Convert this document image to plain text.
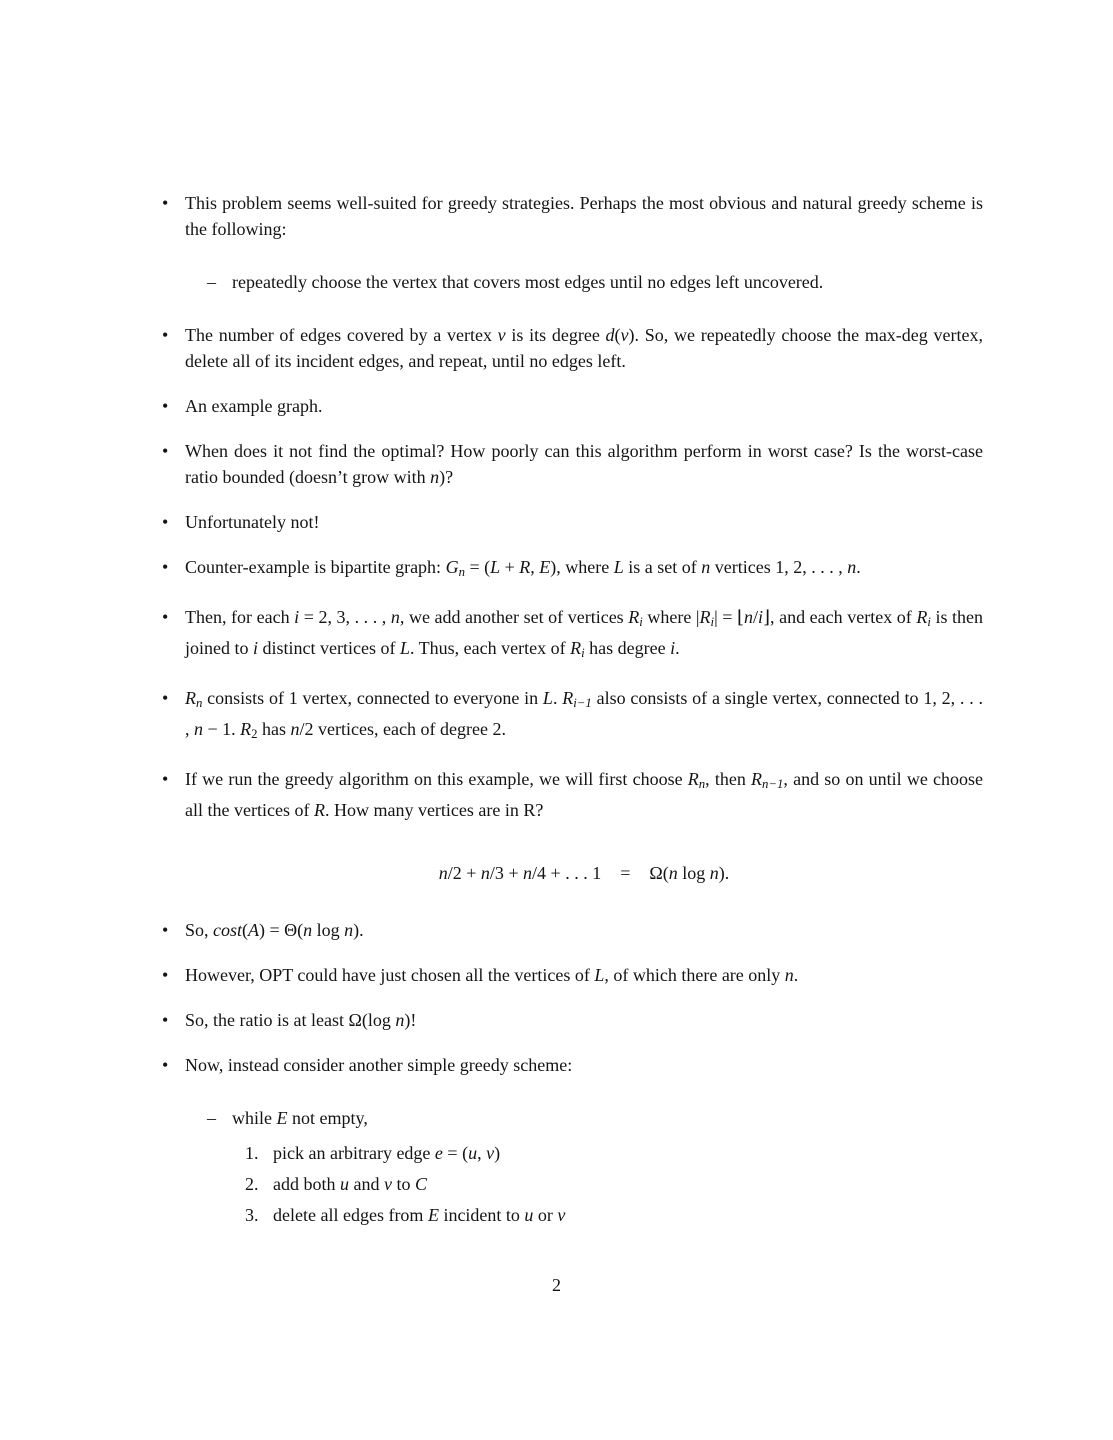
• This problem seems well-suited for greedy strategies. Perhaps the most obvious and natural greedy scheme is the following:
– repeatedly choose the vertex that covers most edges until no edges left uncovered.
• The number of edges covered by a vertex v is its degree d(v). So, we repeatedly choose the max-deg vertex, delete all of its incident edges, and repeat, until no edges left.
• An example graph.
• When does it not find the optimal? How poorly can this algorithm perform in worst case? Is the worst-case ratio bounded (doesn’t grow with n)?
• Unfortunately not!
• Counter-example is bipartite graph: Gn = (L + R, E), where L is a set of n vertices 1, 2, . . . , n.
• Then, for each i = 2, 3, . . . , n, we add another set of vertices Ri where |Ri| = ⌊n/i⌋, and each vertex of Ri is then joined to i distinct vertices of L. Thus, each vertex of Ri has degree i.
• Rn consists of 1 vertex, connected to everyone in L. Ri−1 also consists of a single vertex, connected to 1, 2, . . . , n − 1. R2 has n/2 vertices, each of degree 2.
• If we run the greedy algorithm on this example, we will first choose Rn, then Rn−1, and so on until we choose all the vertices of R. How many vertices are in R?
n/2 + n/3 + n/4 + . . . 1 = Ω(n log n).
• So, cost(A) = Θ(n log n).
• However, OPT could have just chosen all the vertices of L, of which there are only n.
• So, the ratio is at least Ω(log n)!
• Now, instead consider another simple greedy scheme:
– while E not empty,
1. pick an arbitrary edge e = (u, v)
2. add both u and v to C
3. delete all edges from E incident to u or v
2
